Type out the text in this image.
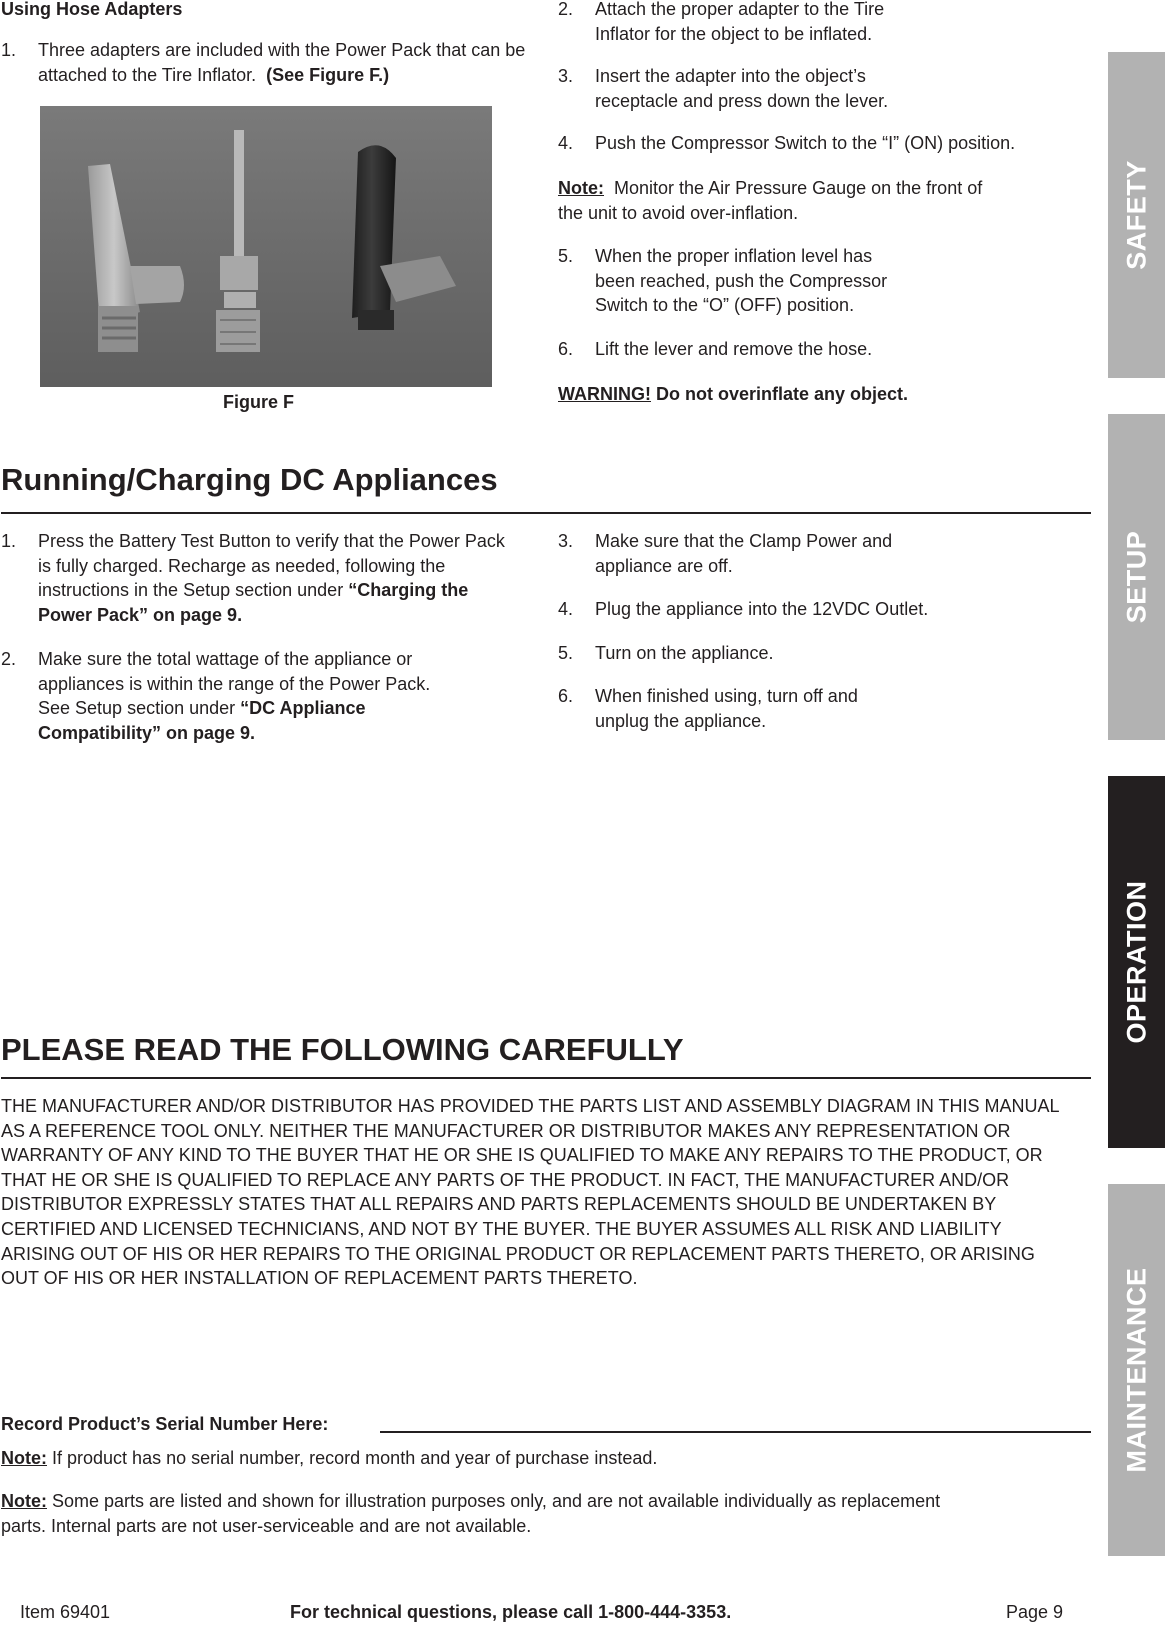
Using Hose Adapters
1.	Three adapters are included with the Power Pack that can be attached to the Tire Inflator. (See Figure F.)
Figure F
2.	Attach the proper adapter to the Tire Inflator for the object to be inflated.
3.	Insert the adapter into the object’s receptacle and press down the lever.
4.	Push the Compressor Switch to the “I” (ON) position.
Note: Monitor the Air Pressure Gauge on the front of the unit to avoid over-inflation.
5.	When the proper inflation level has been reached, push the Compressor Switch to the “O” (OFF) position.
6.	Lift the lever and remove the hose.
WARNING! Do not overinflate any object.
Running/Charging DC Appliances
1.	Press the Battery Test Button to verify that the Power Pack is fully charged. Recharge as needed, following the instructions in the Setup section under “Charging the Power Pack” on page 9.
2.	Make sure the total wattage of the appliance or appliances is within the range of the Power Pack. See Setup section under “DC Appliance Compatibility” on page 9.
3.	Make sure that the Clamp Power and appliance are off.
4.	Plug the appliance into the 12VDC Outlet.
5.	Turn on the appliance.
6.	When finished using, turn off and unplug the appliance.
PLEASE READ THE FOLLOWING CAREFULLY
THE MANUFACTURER AND/OR DISTRIBUTOR HAS PROVIDED THE PARTS LIST AND ASSEMBLY DIAGRAM IN THIS MANUAL AS A REFERENCE TOOL ONLY. NEITHER THE MANUFACTURER OR DISTRIBUTOR MAKES ANY REPRESENTATION OR WARRANTY OF ANY KIND TO THE BUYER THAT HE OR SHE IS QUALIFIED TO MAKE ANY REPAIRS TO THE PRODUCT, OR THAT HE OR SHE IS QUALIFIED TO REPLACE ANY PARTS OF THE PRODUCT. IN FACT, THE MANUFACTURER AND/OR DISTRIBUTOR EXPRESSLY STATES THAT ALL REPAIRS AND PARTS REPLACEMENTS SHOULD BE UNDERTAKEN BY CERTIFIED AND LICENSED TECHNICIANS, AND NOT BY THE BUYER. THE BUYER ASSUMES ALL RISK AND LIABILITY ARISING OUT OF HIS OR HER REPAIRS TO THE ORIGINAL PRODUCT OR REPLACEMENT PARTS THERETO, OR ARISING OUT OF HIS OR HER INSTALLATION OF REPLACEMENT PARTS THERETO.
Record Product’s Serial Number Here:
Note: If product has no serial number, record month and year of purchase instead.
Note: Some parts are listed and shown for illustration purposes only, and are not available individually as replacement parts. Internal parts are not user-serviceable and are not available.
Item 69401	For technical questions, please call 1-800-444-3353.	Page 9
SAFETY
SETUP
OPERATION
MAINTENANCE
